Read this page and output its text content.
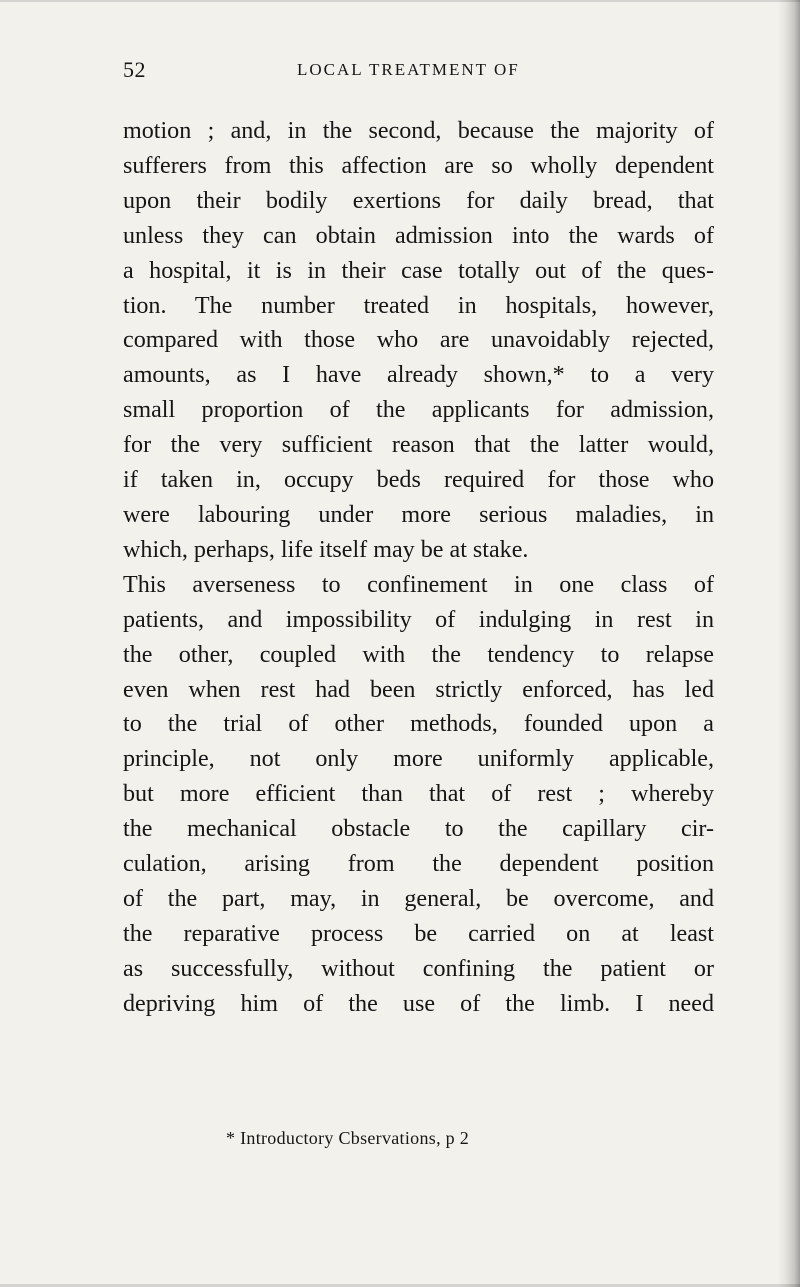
52	LOCAL TREATMENT OF
motion ; and, in the second, because the majority of
sufferers from this affection are so wholly dependent
upon their bodily exertions for daily bread, that
unless they can obtain admission into the wards of
a hospital, it is in their case totally out of the ques-
tion. The number treated in hospitals, however,
compared with those who are unavoidably rejected,
amounts, as I have already shown,* to a very
small proportion of the applicants for admission,
for the very sufficient reason that the latter would,
if taken in, occupy beds required for those who
were labouring under more serious maladies, in
which, perhaps, life itself may be at stake.
This averseness to confinement in one class of
patients, and impossibility of indulging in rest in
the other, coupled with the tendency to relapse
even when rest had been strictly enforced, has led
to the trial of other methods, founded upon a
principle, not only more uniformly applicable,
but more efficient than that of rest ; whereby
the mechanical obstacle to the capillary cir-
culation, arising from the dependent position
of the part, may, in general, be overcome, and
the reparative process be carried on at least
as successfully, without confining the patient or
depriving him of the use of the limb. I need
* Introductory Cbservations, p 2
